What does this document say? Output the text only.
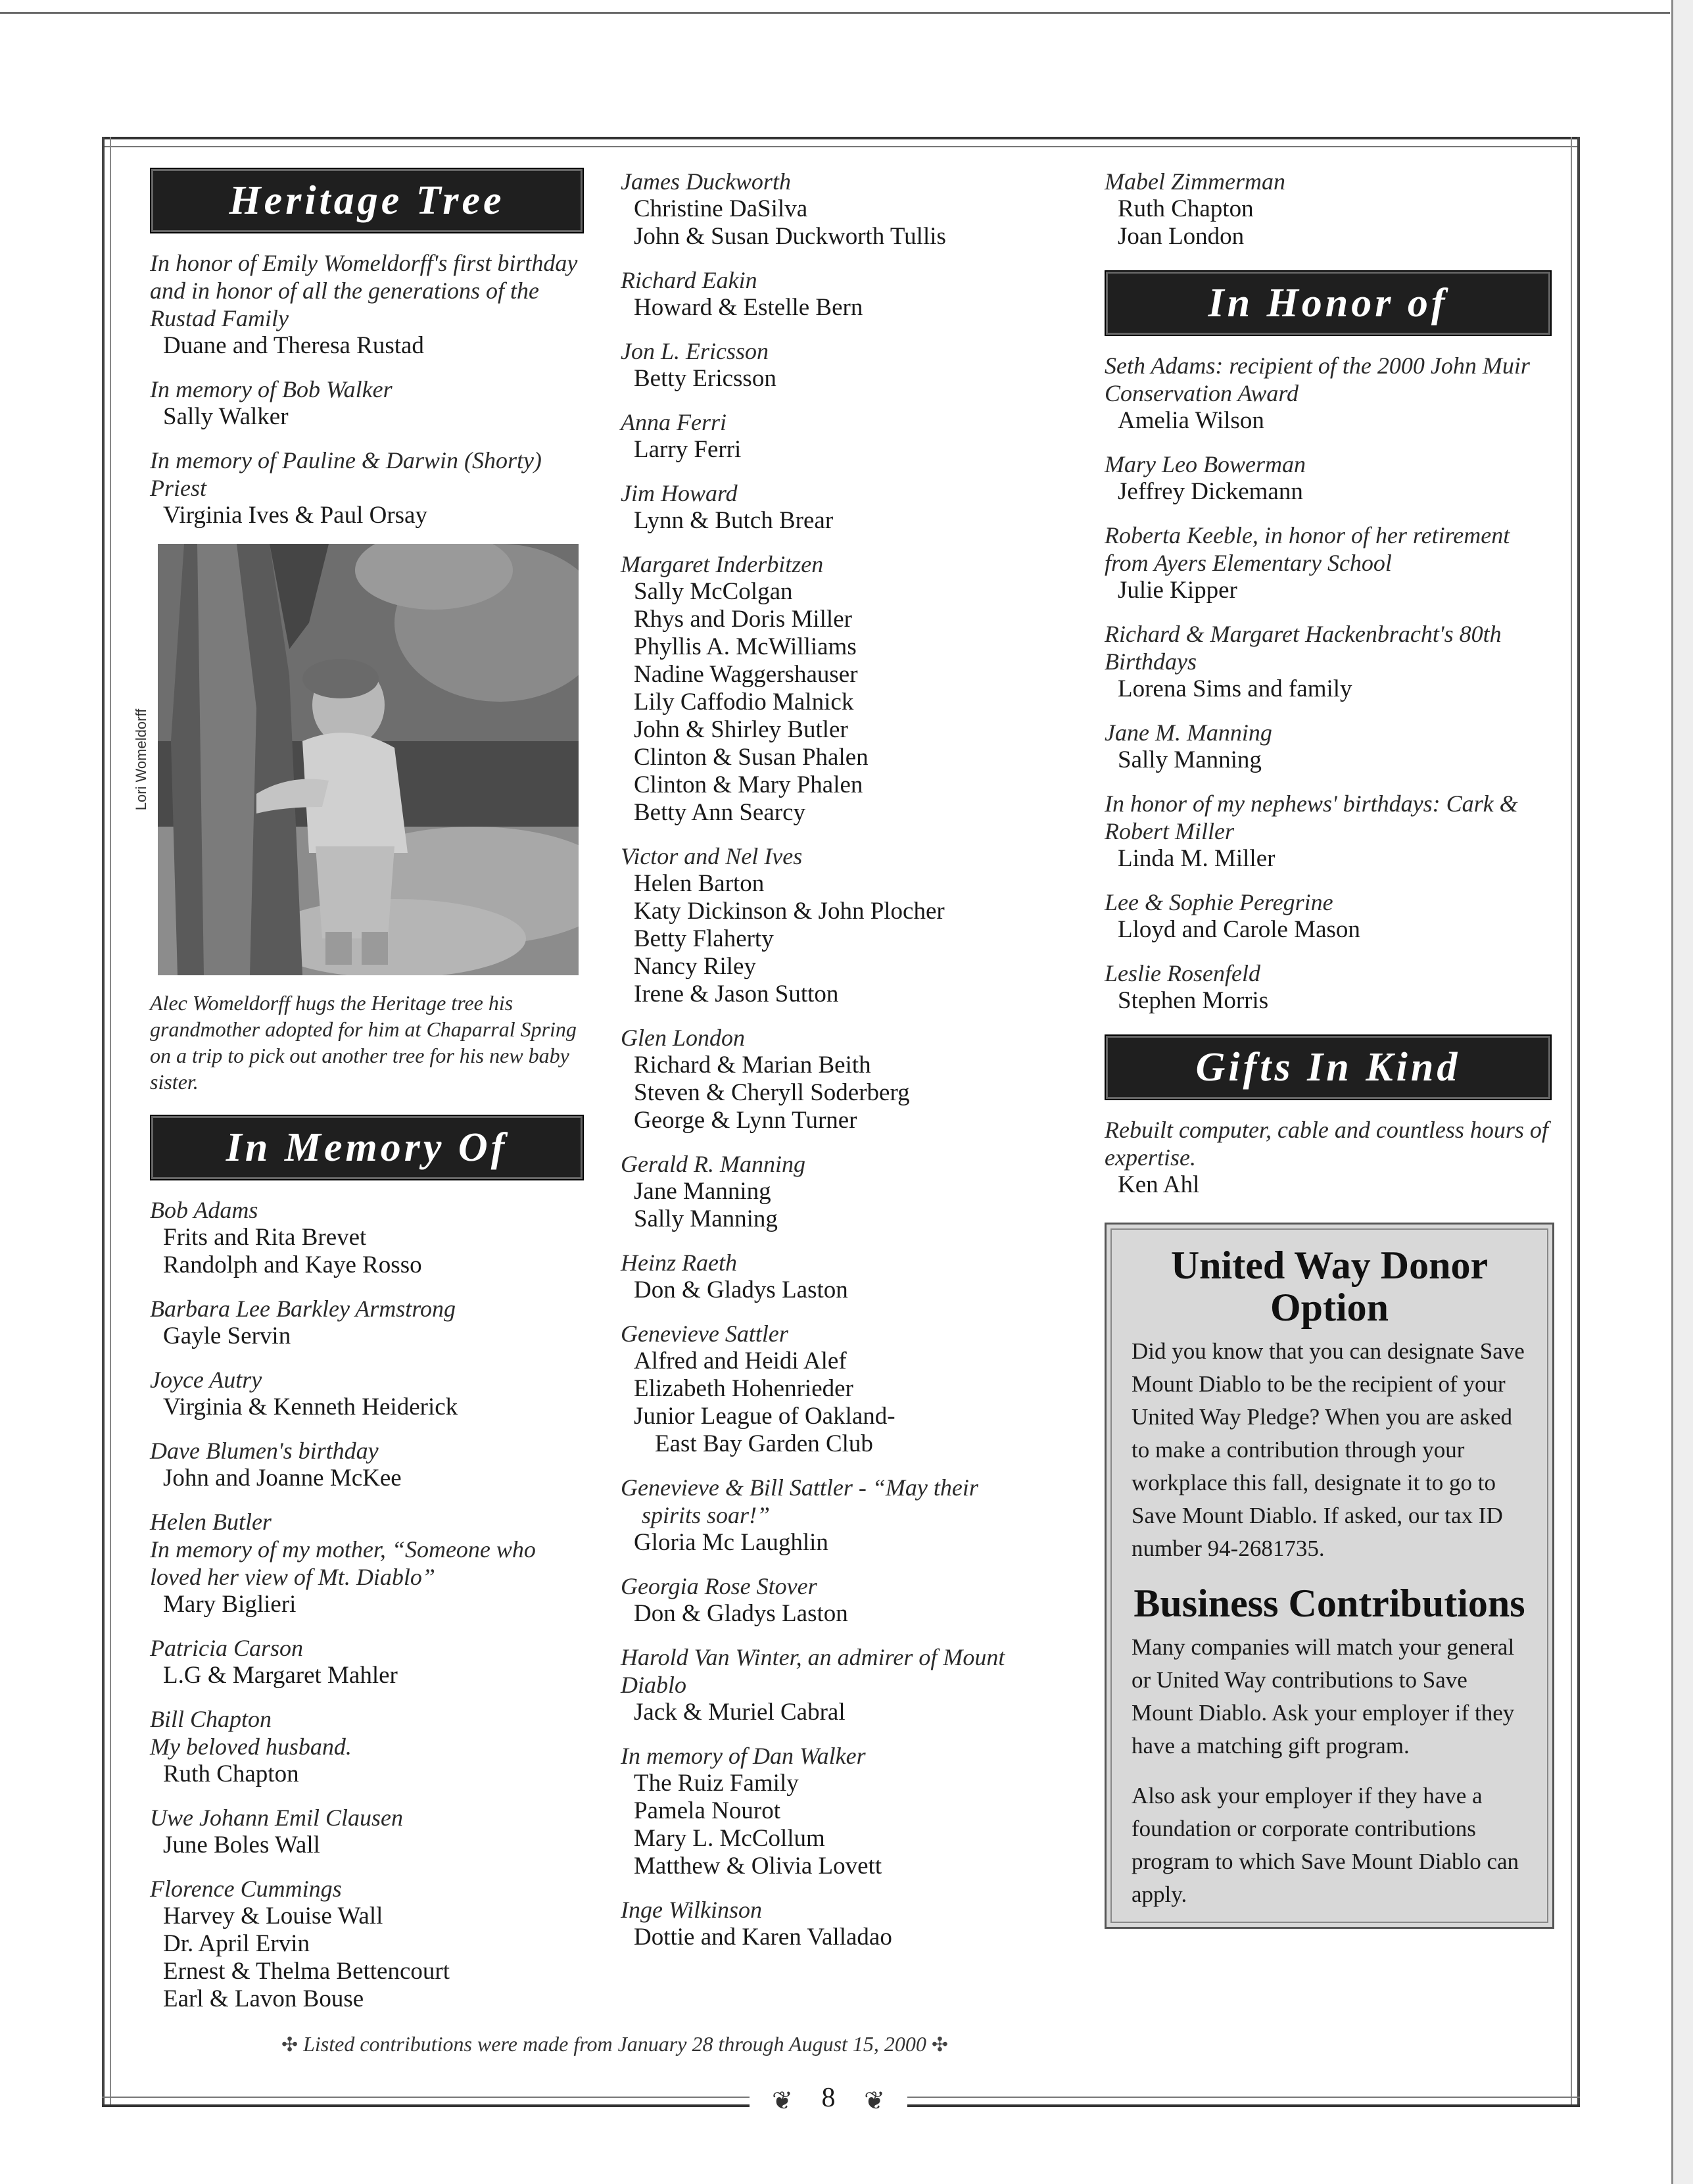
Heritage Tree
In honor of Emily Womeldorff's first birthday and in honor of all the generations of the Rustad Family
Duane and Theresa Rustad
In memory of Bob Walker
Sally Walker
In memory of Pauline & Darwin (Shorty) Priest
Virginia Ives & Paul Orsay
Lori Womeldorff
Alec Womeldorff hugs the Heritage tree his grandmother adopted for him at Chaparral Spring on a trip to pick out another tree for his new baby sister.
In Memory Of
Bob Adams
Frits and Rita Brevet
Randolph and Kaye Rosso
Barbara Lee Barkley Armstrong
Gayle Servin
Joyce Autry
Virginia & Kenneth Heiderick
Dave Blumen's birthday
John and Joanne McKee
Helen Butler
In memory of my mother, “Someone who loved her view of Mt. Diablo”
Mary Biglieri
Patricia Carson
L.G & Margaret Mahler
Bill Chapton
My beloved husband.
Ruth Chapton
Uwe Johann Emil Clausen
June Boles Wall
Florence Cummings
Harvey & Louise Wall
Dr. April Ervin
Ernest & Thelma Bettencourt
Earl & Lavon Bouse
James Duckworth
Christine DaSilva
John & Susan Duckworth Tullis
Richard Eakin
Howard & Estelle Bern
Jon L. Ericsson
Betty Ericsson
Anna Ferri
Larry Ferri
Jim Howard
Lynn & Butch Brear
Margaret Inderbitzen
Sally McColgan
Rhys and Doris Miller
Phyllis A. McWilliams
Nadine Waggershauser
Lily Caffodio Malnick
John & Shirley Butler
Clinton & Susan Phalen
Clinton & Mary Phalen
Betty Ann Searcy
Victor and Nel Ives
Helen Barton
Katy Dickinson & John Plocher
Betty Flaherty
Nancy Riley
Irene & Jason Sutton
Glen London
Richard & Marian Beith
Steven & Cheryll Soderberg
George & Lynn Turner
Gerald R. Manning
Jane Manning
Sally Manning
Heinz Raeth
Don & Gladys Laston
Genevieve Sattler
Alfred and Heidi Alef
Elizabeth Hohenrieder
Junior League of Oakland-
East Bay Garden Club
Genevieve & Bill Sattler - “May their
spirits soar!”
Gloria Mc Laughlin
Georgia Rose Stover
Don & Gladys Laston
Harold Van Winter, an admirer of Mount Diablo
Jack & Muriel Cabral
In memory of Dan Walker
The Ruiz Family
Pamela Nourot
Mary L. McCollum
Matthew & Olivia Lovett
Inge Wilkinson
Dottie and Karen Valladao
Mabel Zimmerman
Ruth Chapton
Joan London
In Honor of
Seth Adams: recipient of the 2000 John Muir Conservation Award
Amelia Wilson
Mary Leo Bowerman
Jeffrey Dickemann
Roberta Keeble, in honor of her retirement from Ayers Elementary School
Julie Kipper
Richard & Margaret Hackenbracht's 80th Birthdays
Lorena Sims and family
Jane M. Manning
Sally Manning
In honor of my nephews' birthdays: Cark & Robert Miller
Linda M. Miller
Lee & Sophie Peregrine
Lloyd and Carole Mason
Leslie Rosenfeld
Stephen Morris
Gifts In Kind
Rebuilt computer, cable and countless hours of expertise.
Ken Ahl
United Way Donor Option
Did you know that you can designate Save Mount Diablo to be the recipient of your United Way Pledge? When you are asked to make a contribution through your workplace this fall, designate it to go to Save Mount Diablo. If asked, our tax ID number 94-2681735.
Business Contributions
Many companies will match your general or United Way contributions to Save Mount Diablo. Ask your employer if they have a matching gift program.
Also ask your employer if they have a foundation or corporate contributions program to which Save Mount Diablo can apply.
✣ Listed contributions were made from January 28 through August 15, 2000 ✣
❦	8	❦
